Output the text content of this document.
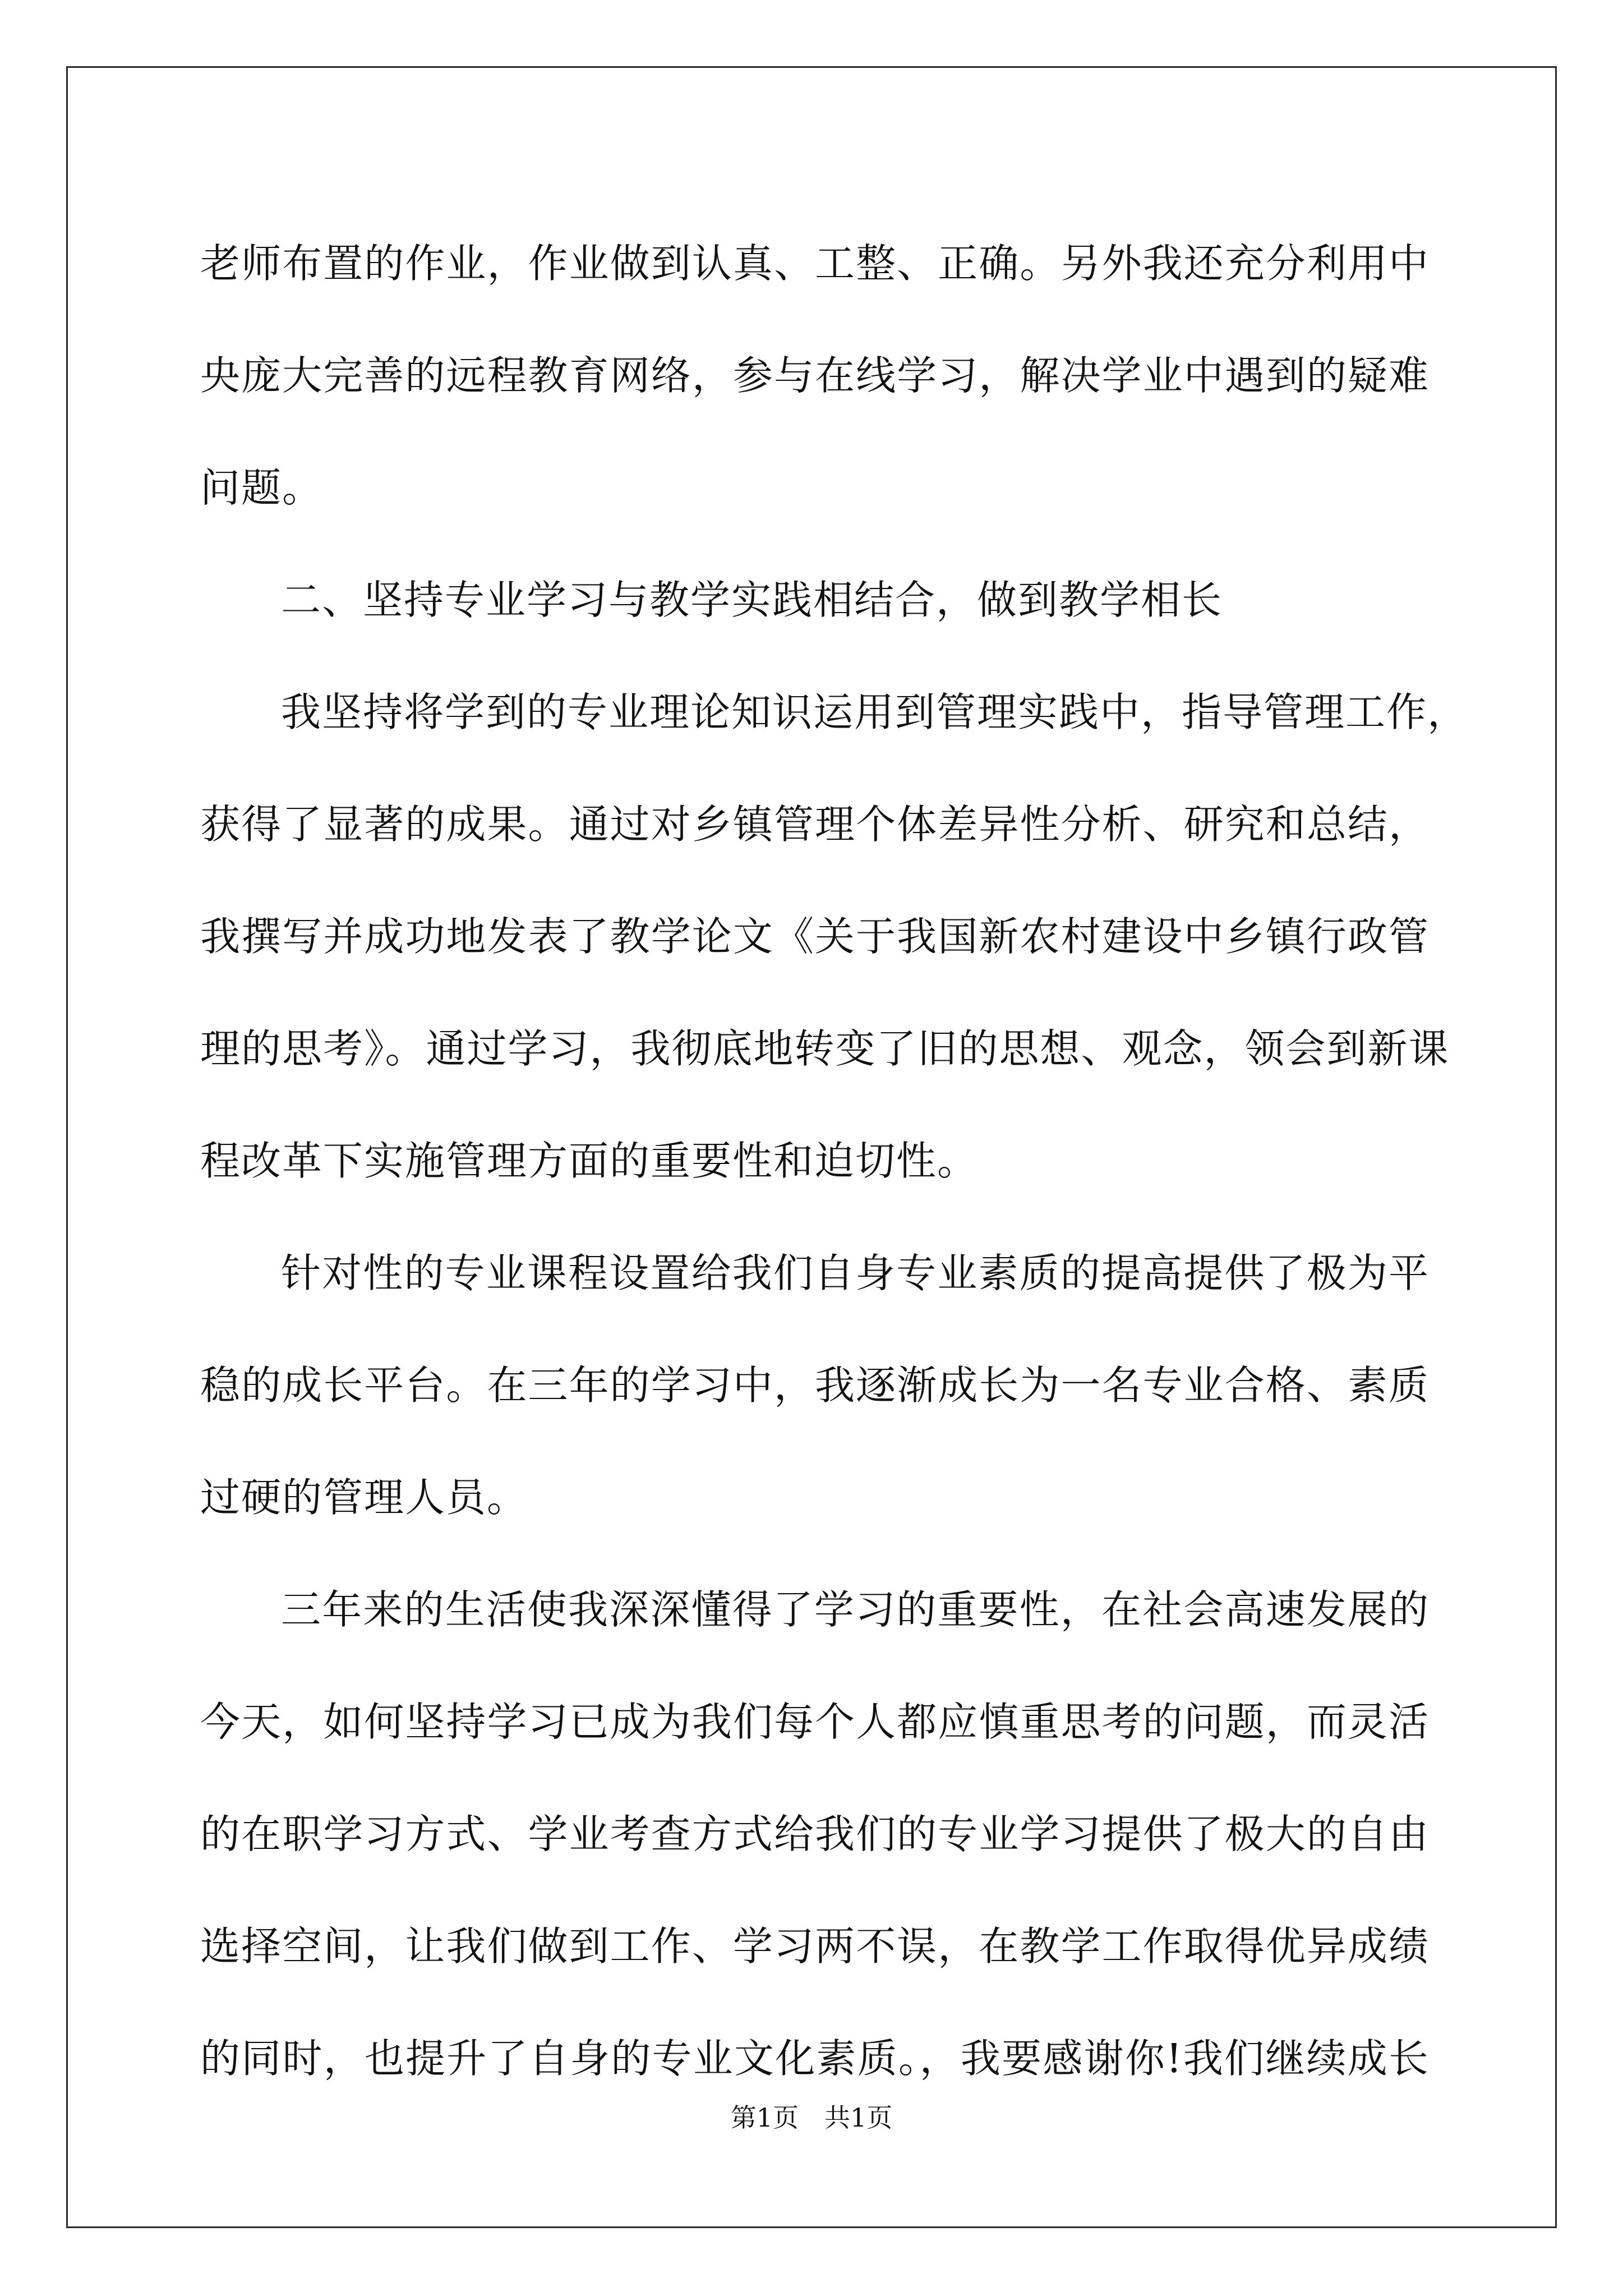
老师布置的作业，作业做到认真、工整、正确。另外我还充分利用中
央庞大完善的远程教育网络，参与在线学习，解决学业中遇到的疑难
问题。
二、坚持专业学习与教学实践相结合，做到教学相长
我坚持将学到的专业理论知识运用到管理实践中，指导管理工作，
获得了显著的成果。通过对乡镇管理个体差异性分析、研究和总结，
我撰写并成功地发表了教学论文《关于我国新农村建设中乡镇行政管
理的思考》。通过学习，我彻底地转变了旧的思想、观念，领会到新课
程改革下实施管理方面的重要性和迫切性。
针对性的专业课程设置给我们自身专业素质的提高提供了极为平
稳的成长平台。在三年的学习中，我逐渐成长为一名专业合格、素质
过硬的管理人员。
三年来的生活使我深深懂得了学习的重要性，在社会高速发展的
今天，如何坚持学习已成为我们每个人都应慎重思考的问题，而灵活
的在职学习方式、学业考查方式给我们的专业学习提供了极大的自由
选择空间，让我们做到工作、学习两不误，在教学工作取得优异成绩
的同时，也提升了自身的专业文化素质。，我要感谢你!我们继续成长
第1页　共1页
